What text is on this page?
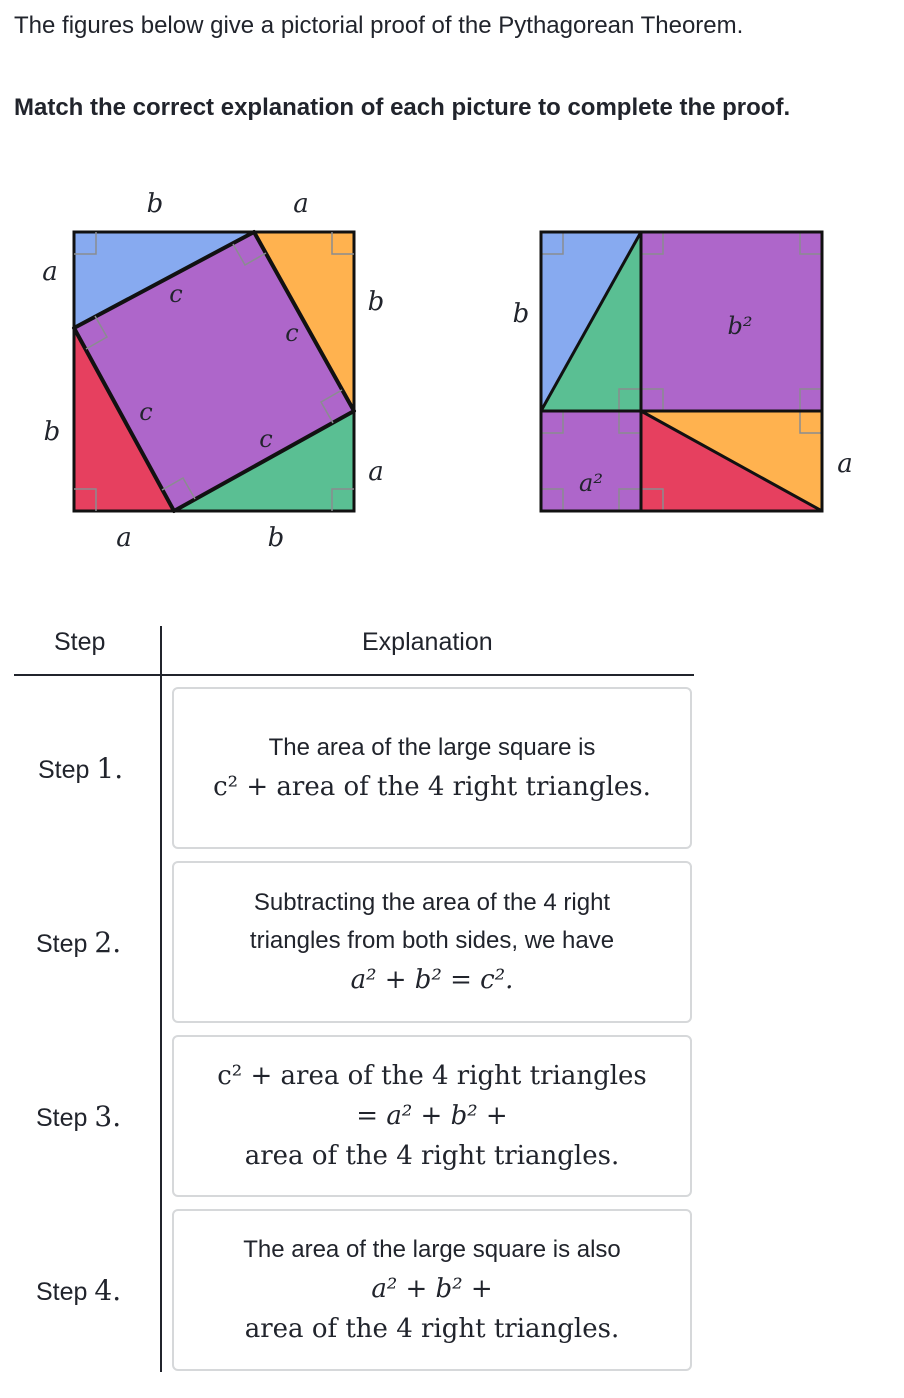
The figures below give a pictorial proof of the Pythagorean Theorem.

Match the correct explanation of each picture to complete the proof.

b	a
a
b
b
a
a	b
c
c
c
c
b	b²
a
a²
Step	Explanation
Step 1.
The area of the large square is
c² + area of the 4 right triangles.
Step 2.
Subtracting the area of the 4 right
triangles from both sides, we have
a² + b² = c².
Step 3.
c² + area of the 4 right triangles
= a² + b² +
area of the 4 right triangles.
Step 4.
The area of the large square is also
a² + b² +
area of the 4 right triangles.
